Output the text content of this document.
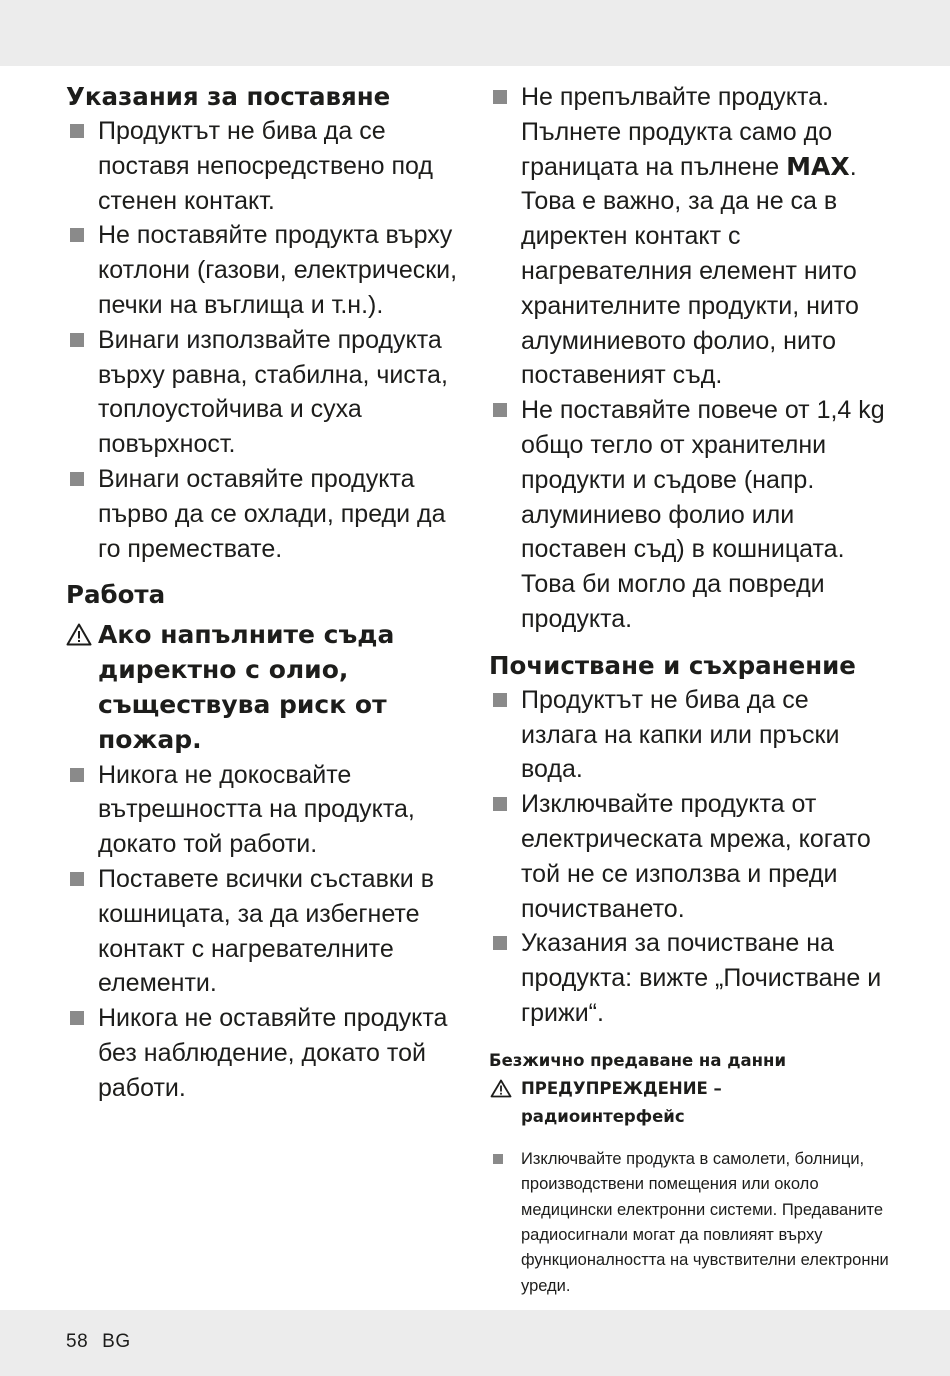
Указания за поставяне
Продуктът не бива да се поставя непосредствено под стенен контакт.
Не поставяйте продукта върху котлони (газови, електрически, печки на въглища и т.н.).
Винаги използвайте продукта върху равна, стабилна, чиста, топлоустойчива и суха повърхност.
Винаги оставяйте продукта първо да се охлади, преди да го премествате.
Работа
Ако напълните съда директно с олио, съществува риск от пожар.
Никога не докосвайте вътрешността на продукта, докато той работи.
Поставете всички съставки в кошницата, за да избегнете контакт с нагревателните елементи.
Никога не оставяйте продукта без наблюдение, докато той работи.
Не препълвайте продукта. Пълнете продукта само до границата на пълнене MAX. Това е важно, за да не са в директен контакт с нагревателния елемент нито хранителните продукти, нито алуминиевото фолио, нито поставеният съд.
Не поставяйте повече от 1,4 kg общо тегло от хранителни продукти и съдове (напр. алуминиево фолио или поставен съд) в кошницата. Това би могло да повреди продукта.
Почистване и съхранение
Продуктът не бива да се излага на капки или пръски вода.
Изключвайте продукта от електрическата мрежа, когато той не се използва и преди почистването.
Указания за почистване на продукта: вижте „Почистване и грижи“.
Безжично предаване на данни
ПРЕДУПРЕЖДЕНИЕ –
радиоинтерфейс
Изключвайте продукта в самолети, болници, производствени помещения или около медицински електронни системи. Предаваните радиосигнали могат да повлияят върху функционалността на чувствителни електронни уреди.
58 BG
